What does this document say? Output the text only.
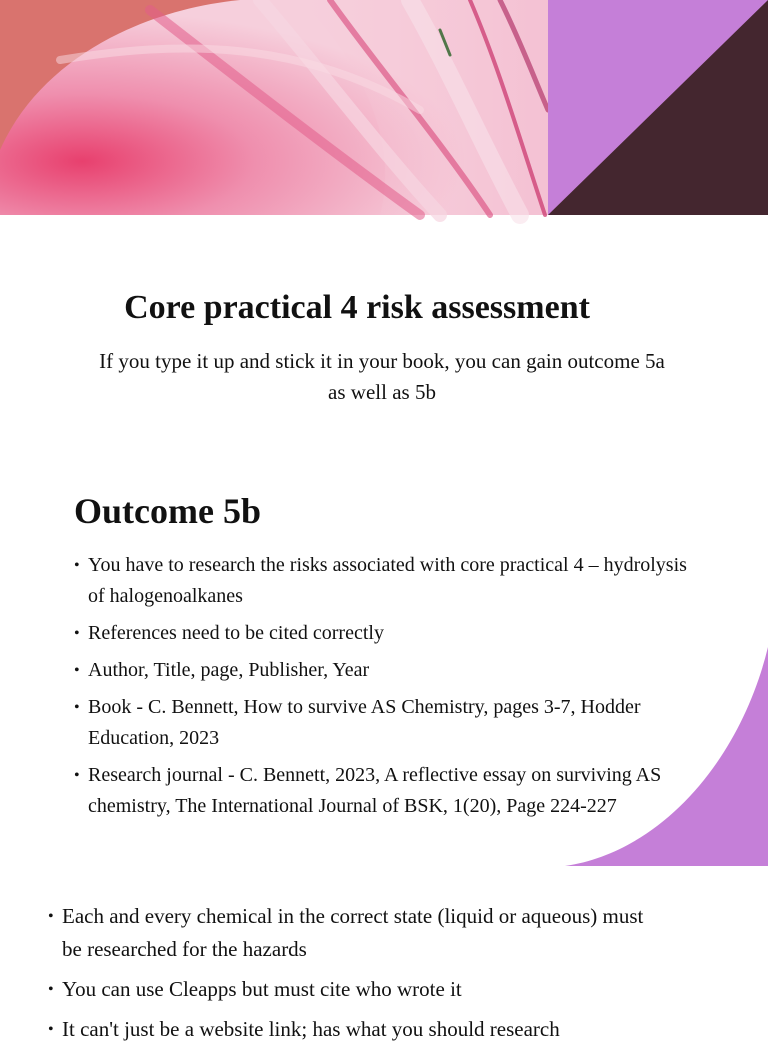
Core practical 4 risk assessment
If you type it up and stick it in your book, you can gain outcome 5a as well as 5b
Outcome 5b
• You have to research the risks associated with core practical 4 – hydrolysis of halogenoalkanes
• References need to be cited correctly
• Author, Title, page, Publisher, Year
• Book - C. Bennett, How to survive AS Chemistry, pages 3-7, Hodder Education, 2023
• Research journal - C. Bennett, 2023, A reflective essay on surviving AS chemistry, The International Journal of BSK, 1(20), Page 224-227
• Each and every chemical in the correct state (liquid or aqueous) must be researched for the hazards
• You can use Cleapps but must cite who wrote it
• It can't just be a website link; has what you should research
